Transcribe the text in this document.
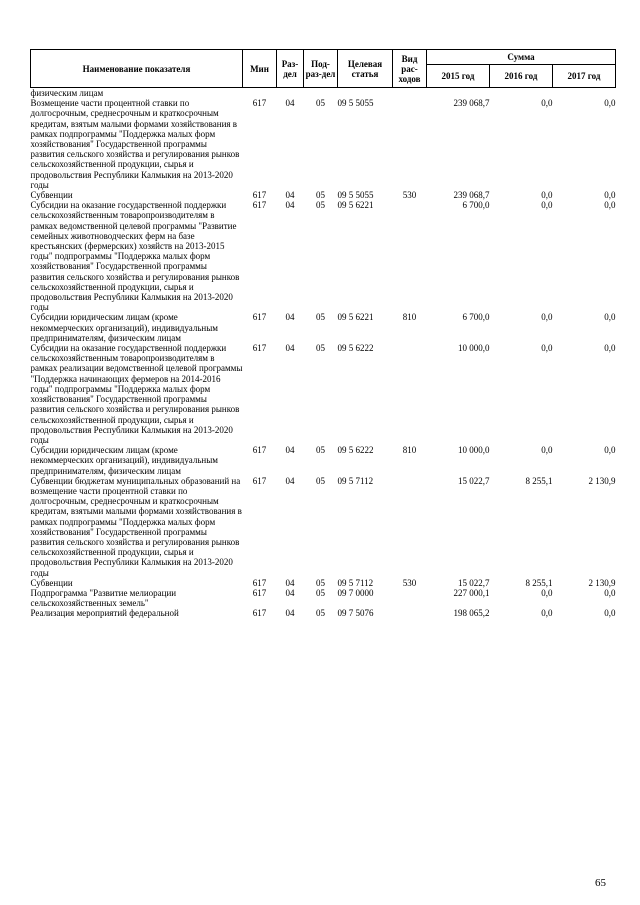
Наименование показателя	Мин	Раз-дел	Под-раз-дел	Целевая статья	Вид рас-ходов	Сумма		
						2015 год	2016 год	2017 год
физическим лицам								
Возмещение части процентной ставки по долгосрочным, среднесрочным и краткосрочным кредитам, взятым малыми формами хозяйствования в рамках подпрограммы "Поддержка малых форм хозяйствования" Государственной программы развития сельского хозяйства и регулирования рынков сельскохозяйственной продукции, сырья и продовольствия Республики Калмыкия на 2013-2020 годы	617	04	05	09 5 5055		239 068,7	0,0	0,0
Субвенции	617	04	05	09 5 5055	530	239 068,7	0,0	0,0
Субсидии на оказание государственной поддержки сельскохозяйственным товаропроизводителям в рамках ведомственной целевой программы "Развитие семейных животноводческих ферм на базе крестьянских (фермерских) хозяйств на 2013-2015 годы" подпрограммы "Поддержка малых форм хозяйствования" Государственной программы развития сельского хозяйства и регулирования рынков сельскохозяйственной продукции, сырья и продовольствия Республики Калмыкия на 2013-2020 годы	617	04	05	09 5 6221		6 700,0	0,0	0,0
Субсидии юридическим лицам (кроме некоммерческих организаций), индивидуальным предпринимателям, физическим лицам	617	04	05	09 5 6221	810	6 700,0	0,0	0,0
Субсидии на оказание государственной поддержки сельскохозяйственным товаропроизводителям в рамках реализации ведомственной целевой программы "Поддержка начинающих фермеров на 2014-2016 годы" подпрограммы "Поддержка малых форм хозяйствования" Государственной программы развития сельского хозяйства и регулирования рынков сельскохозяйственной продукции, сырья и продовольствия Республики Калмыкия на 2013-2020 годы	617	04	05	09 5 6222		10 000,0	0,0	0,0
Субсидии юридическим лицам (кроме некоммерческих организаций), индивидуальным предпринимателям, физическим лицам	617	04	05	09 5 6222	810	10 000,0	0,0	0,0
Субвенции бюджетам муниципальных образований на возмещение части процентной ставки по долгосрочным, среднесрочным и краткосрочным кредитам, взятыми малыми формами хозяйствования в рамках подпрограммы "Поддержка малых форм хозяйствования" Государственной программы развития сельского хозяйства и регулирования рынков сельскохозяйственной продукции, сырья и продовольствия Республики Калмыкия на 2013-2020 годы	617	04	05	09 5 7112		15 022,7	8 255,1	2 130,9
Субвенции	617	04	05	09 5 7112	530	15 022,7	8 255,1	2 130,9
Подпрограмма "Развитие мелиорации сельскохозяйственных земель"	617	04	05	09 7 0000		227 000,1	0,0	0,0
Реализация мероприятий федеральной	617	04	05	09 7 5076		198 065,2	0,0	0,0
65
